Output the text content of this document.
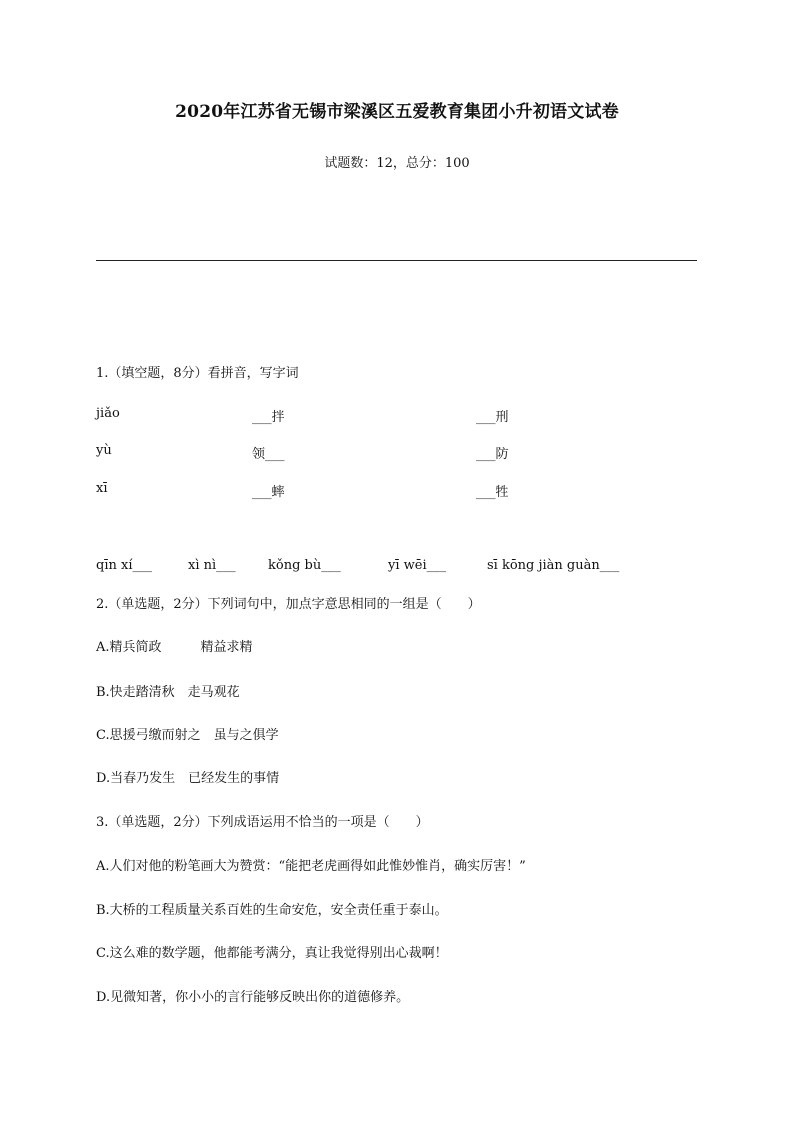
2020年江苏省无锡市梁溪区五爱教育集团小升初语文试卷
试题数：12，总分：100
1.（填空题，8分）看拼音，写字词
jiǎo	___拌	___刑
yù	领___	___防
xī	___蟀	___牲
qīn xí___	xì nì___ kǒng bù___	yī wēi___	sī kōng jiàn guàn___
2.（单选题，2分）下列词句中，加点字意思相同的一组是（　　）
A.精兵简政　　　精益求精
B.快走踏清秋　走马观花
C.思援弓缴而射之　虽与之俱学
D.当春乃发生　已经发生的事情
3.（单选题，2分）下列成语运用不恰当的一项是（　　）
A.人们对他的粉笔画大为赞赏：“能把老虎画得如此惟妙惟肖，确实厉害！”
B.大桥的工程质量关系百姓的生命安危，安全责任重于泰山。
C.这么难的数学题，他都能考满分，真让我觉得别出心裁啊！
D.见微知著，你小小的言行能够反映出你的道德修养。
